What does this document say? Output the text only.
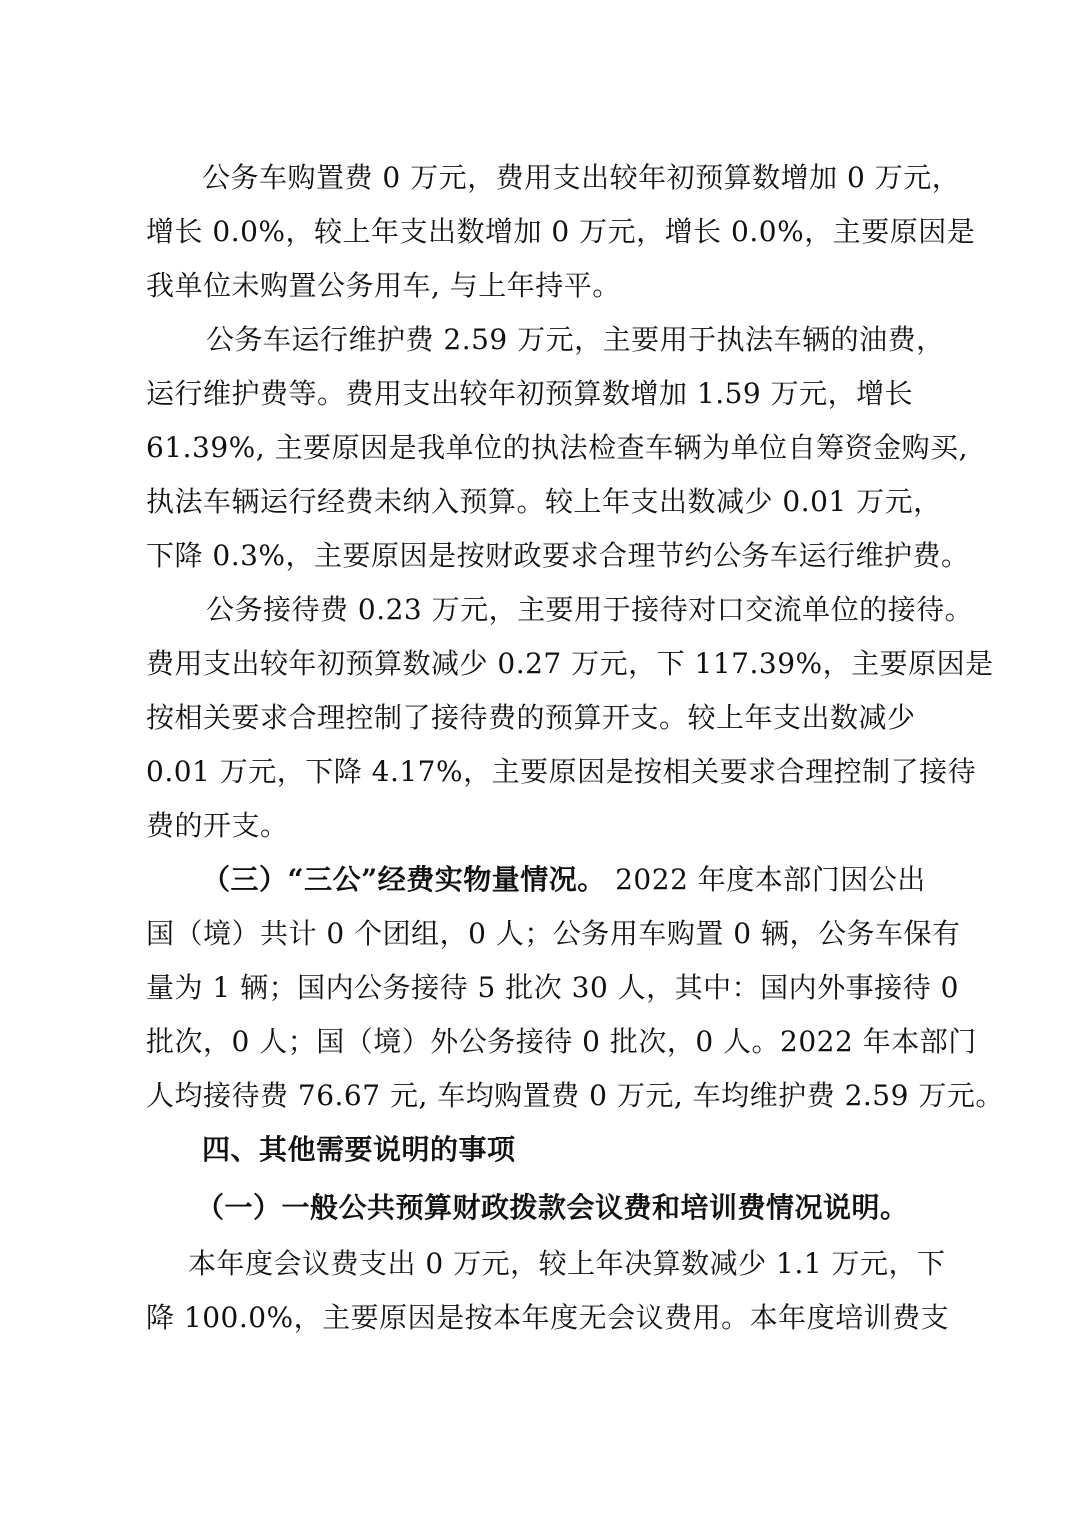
公务车购置费 0 万元，费用支出较年初预算数增加 0 万元，
增长 0.0%，较上年支出数增加 0 万元，增长 0.0%，主要原因是
我单位未购置公务用车, 与上年持平。
公务车运行维护费 2.59 万元，主要用于执法车辆的油费，
运行维护费等。费用支出较年初预算数增加 1.59 万元，增长
61.39%, 主要原因是我单位的执法检查车辆为单位自筹资金购买,
执法车辆运行经费未纳入预算。较上年支出数减少 0.01 万元，
下降 0.3%，主要原因是按财政要求合理节约公务车运行维护费。
公务接待费 0.23 万元，主要用于接待对口交流单位的接待。
费用支出较年初预算数减少 0.27 万元，下 117.39%，主要原因是
按相关要求合理控制了接待费的预算开支。较上年支出数减少
0.01 万元，下降 4.17%，主要原因是按相关要求合理控制了接待
费的开支。
（三）“三公”经费实物量情况。 2022 年度本部门因公出
国（境）共计 0 个团组，0 人；公务用车购置 0 辆，公务车保有
量为 1 辆；国内公务接待 5 批次 30 人，其中：国内外事接待 0
批次，0 人；国（境）外公务接待 0 批次，0 人。2022 年本部门
人均接待费 76.67 元, 车均购置费 0 万元, 车均维护费 2.59 万元。
四、其他需要说明的事项
（一）一般公共预算财政拨款会议费和培训费情况说明。
本年度会议费支出 0 万元，较上年决算数减少 1.1 万元，下
降 100.0%，主要原因是按本年度无会议费用。本年度培训费支
